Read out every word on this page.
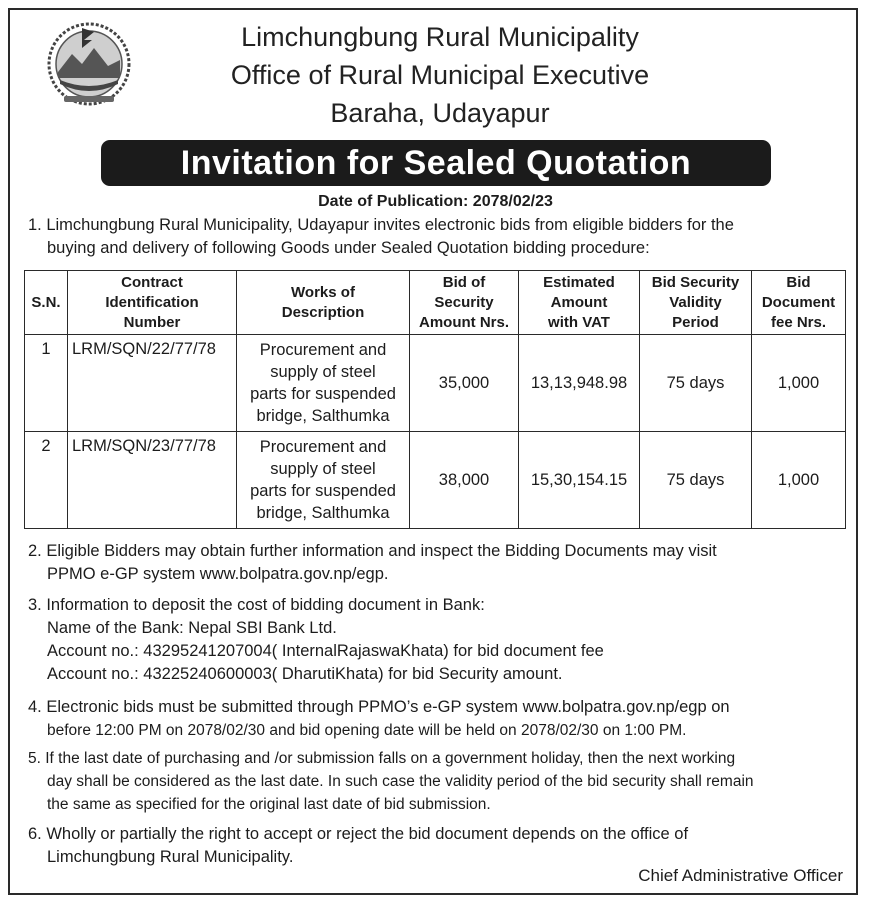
Limchungbung Rural Municipality
Office of Rural Municipal Executive
Baraha, Udayapur
Invitation for Sealed Quotation
Date of Publication: 2078/02/23
1. Limchungbung Rural Municipality, Udayapur invites electronic bids from eligible bidders for the
buying and delivery of following Goods under Sealed Quotation bidding procedure:
S.N.	Contract
Identification
Number	Works of
Description	Bid of
Security
Amount Nrs.	Estimated
Amount
with VAT	Bid Security
Validity
Period	Bid
Document
fee Nrs.
1	LRM/SQN/22/77/78	Procurement and
supply of steel
parts for suspended
bridge, Salthumka	35,000	13,13,948.98	75 days	1,000
2	LRM/SQN/23/77/78	Procurement and
supply of steel
parts for suspended
bridge, Salthumka	38,000	15,30,154.15	75 days	1,000
2. Eligible Bidders may obtain further information and inspect the Bidding Documents may visit
PPMO e-GP system www.bolpatra.gov.np/egp.
3. Information to deposit the cost of bidding document in Bank:
Name of the Bank: Nepal SBI Bank Ltd.
Account no.: 43295241207004( InternalRajaswaKhata) for bid document fee
Account no.: 43225240600003( DharutiKhata) for bid Security amount.
4. Electronic bids must be submitted through PPMO’s e-GP system www.bolpatra.gov.np/egp on
before 12:00 PM on 2078/02/30 and bid opening date will be held on 2078/02/30 on 1:00 PM.
5. If the last date of purchasing and /or submission falls on a government holiday, then the next working
day shall be considered as the last date. In such case the validity period of the bid security shall remain
the same as specified for the original last date of bid submission.
6. Wholly or partially the right to accept or reject the bid document depends on the office of
Limchungbung Rural Municipality.
Chief Administrative Officer
